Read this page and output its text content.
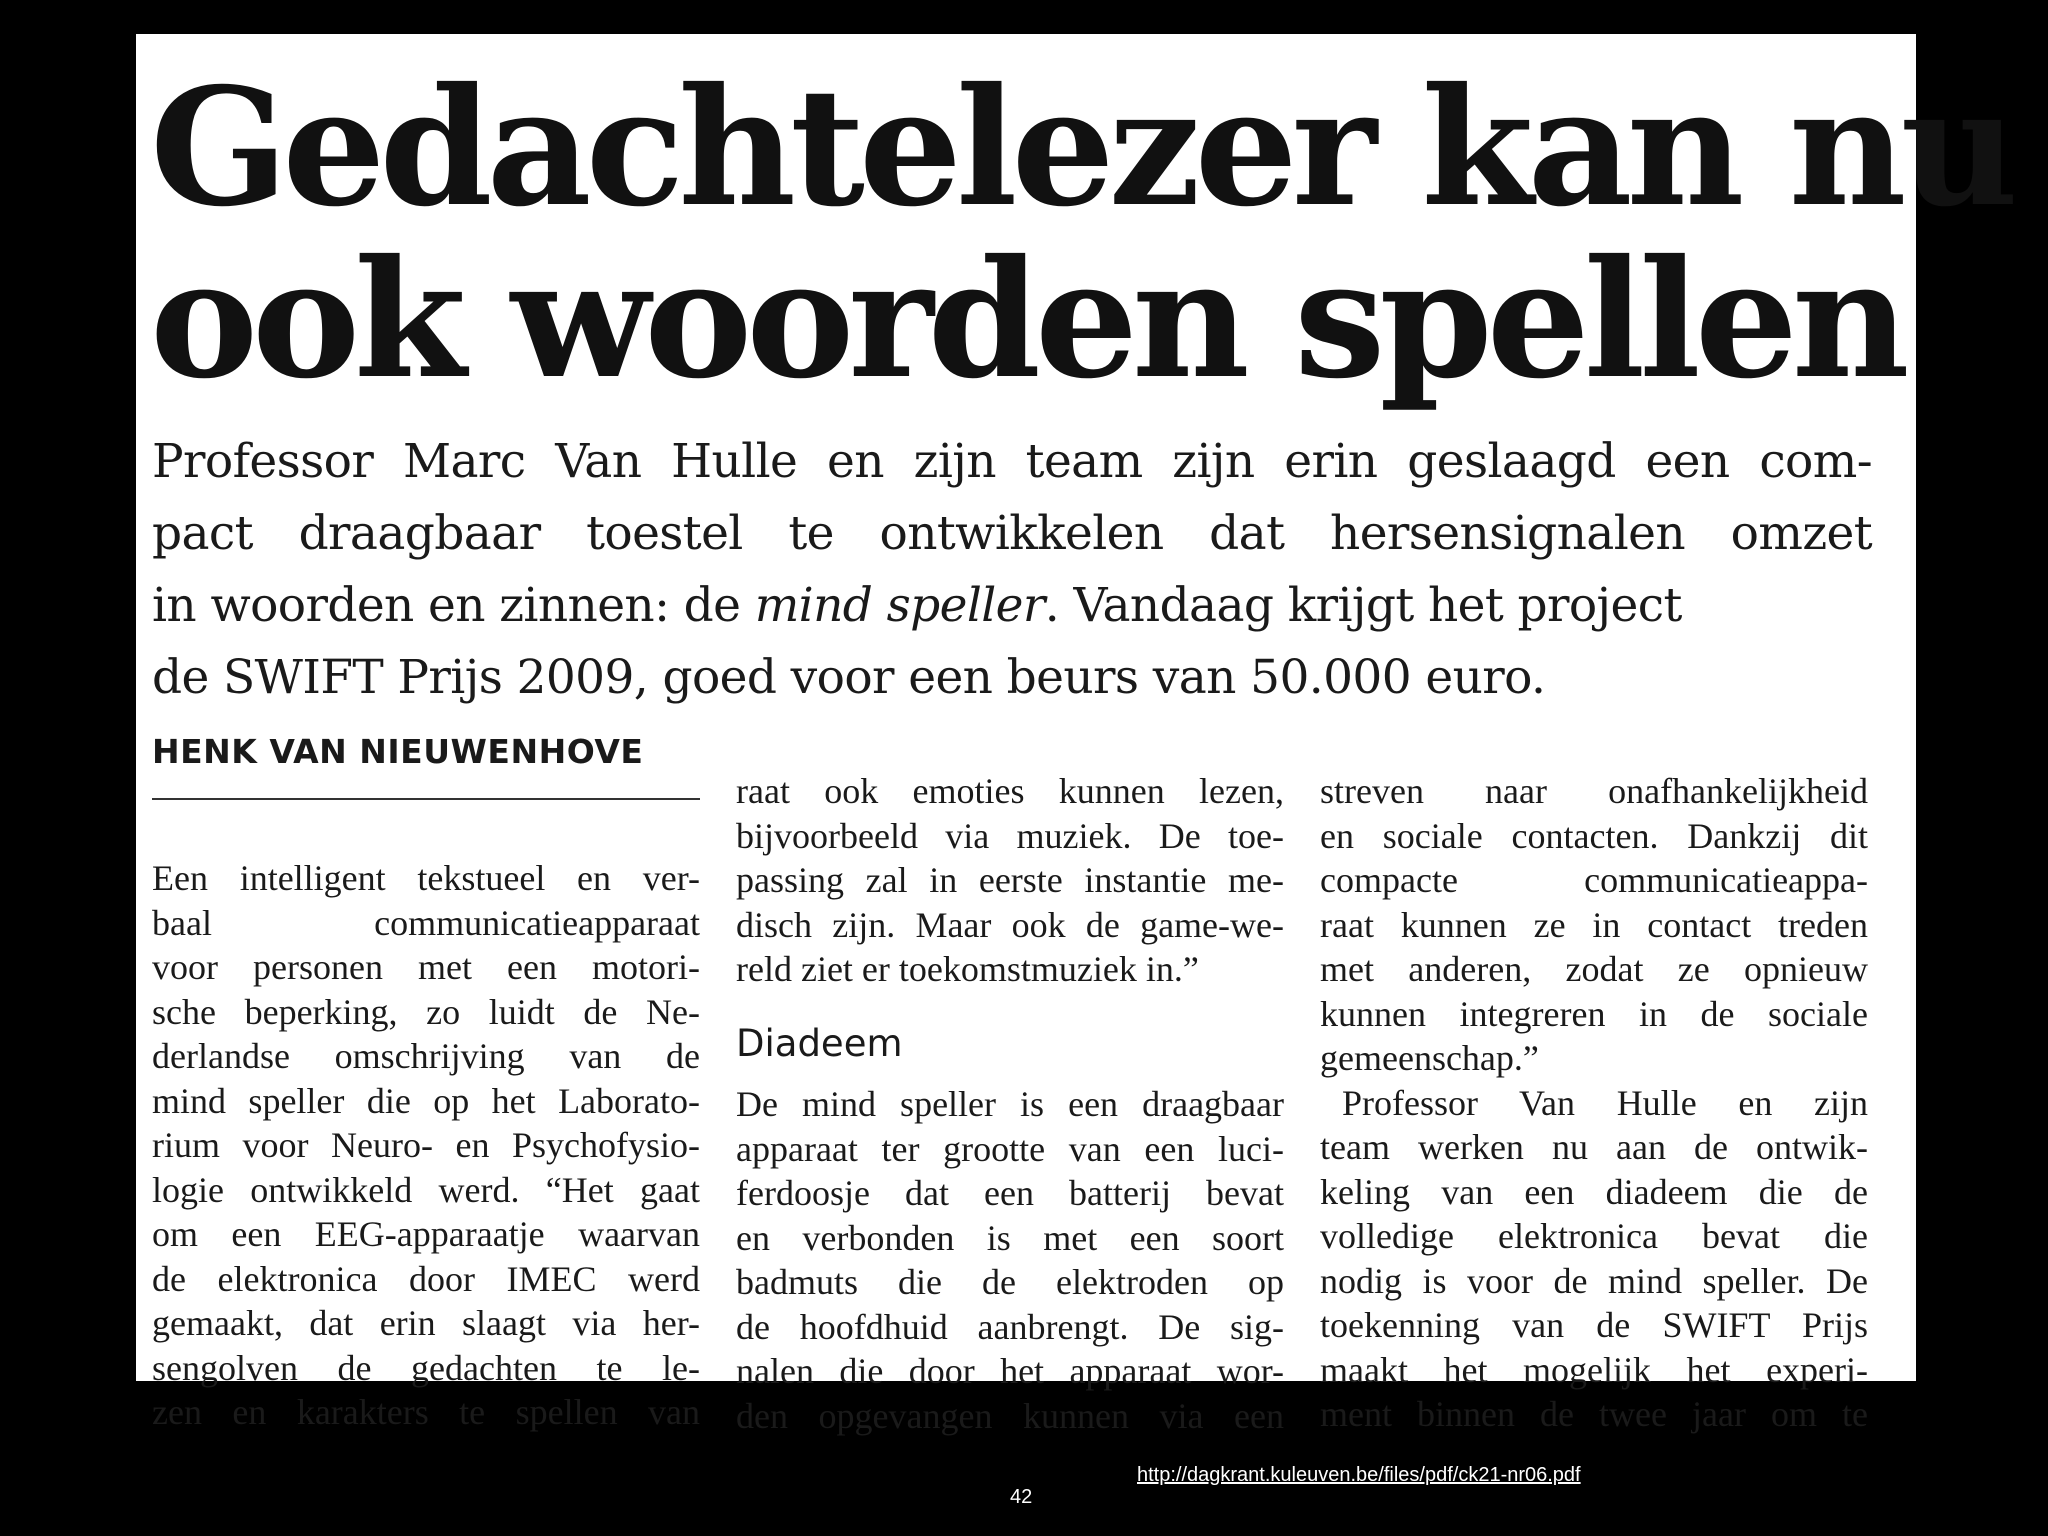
Gedachtelezer kan nu
ook woorden spellen

Professor Marc Van Hulle en zijn team zijn erin geslaagd een com-
pact draagbaar toestel te ontwikkelen dat hersensignalen omzet
in woorden en zinnen: de mind speller. Vandaag krijgt het project
de SWIFT Prijs 2009, goed voor een beurs van 50.000 euro.

HENK VAN NIEUWENHOVE
Een intelligent tekstueel en ver-
baal communicatieapparaat
voor personen met een motori-
sche beperking, zo luidt de Ne-
derlandse omschrijving van de
mind speller die op het Laborato-
rium voor Neuro- en Psychofysio-
logie ontwikkeld werd. “Het gaat
om een EEG-apparaatje waarvan
de elektronica door IMEC werd
gemaakt, dat erin slaagt via her-
sengolven de gedachten te le-
zen en karakters te spellen van
raat ook emoties kunnen lezen,
bijvoorbeeld via muziek. De toe-
passing zal in eerste instantie me-
disch zijn. Maar ook de game-we-
reld ziet er toekomstmuziek in.”
Diadeem
De mind speller is een draagbaar
apparaat ter grootte van een luci-
ferdoosje dat een batterij bevat
en verbonden is met een soort
badmuts die de elektroden op
de hoofdhuid aanbrengt. De sig-
nalen die door het apparaat wor-
den opgevangen kunnen via een
streven naar onafhankelijkheid
en sociale contacten. Dankzij dit
compacte communicatieappa-
raat kunnen ze in contact treden
met anderen, zodat ze opnieuw
kunnen integreren in de sociale
gemeenschap.”
Professor Van Hulle en zijn
team werken nu aan de ontwik-
keling van een diadeem die de
volledige elektronica bevat die
nodig is voor de mind speller. De
toekenning van de SWIFT Prijs
maakt het mogelijk het experi-
ment binnen de twee jaar om te
http://dagkrant.kuleuven.be/files/pdf/ck21-nr06.pdf
42
